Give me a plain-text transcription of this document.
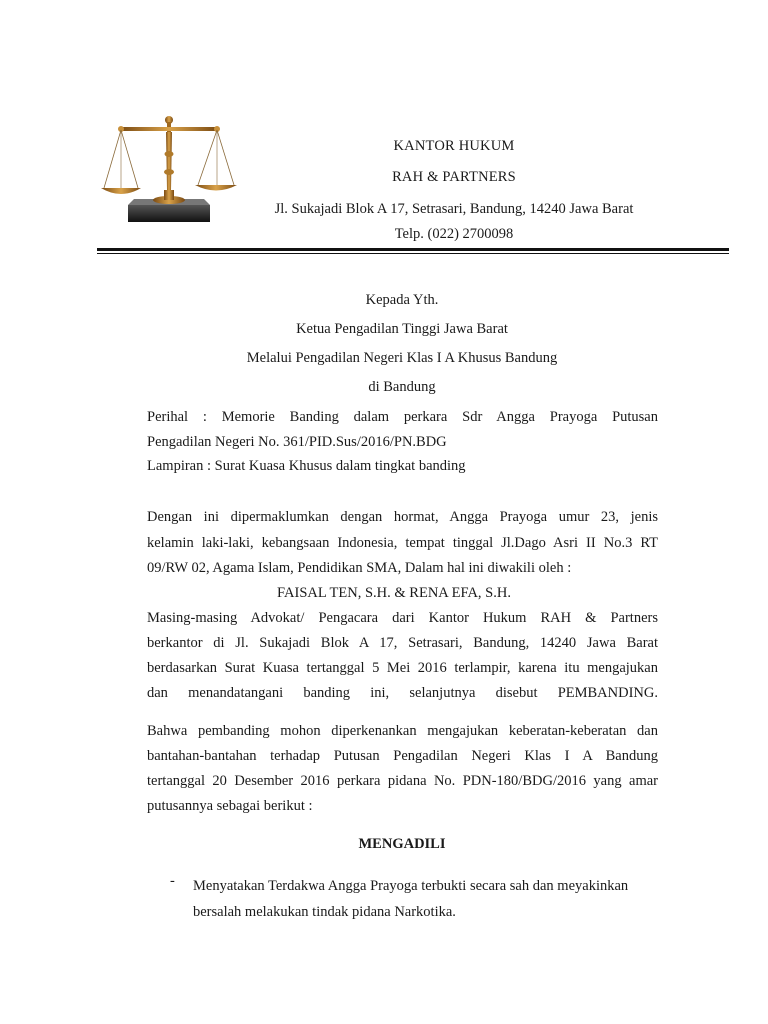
KANTOR HUKUM
RAH & PARTNERS
Jl. Sukajadi Blok A 17, Setrasari, Bandung, 14240 Jawa Barat
Telp. (022) 2700098
Kepada Yth.
Ketua Pengadilan Tinggi Jawa Barat
Melalui Pengadilan Negeri Klas I A Khusus Bandung
di Bandung
Perihal : Memorie Banding dalam perkara Sdr Angga Prayoga Putusan
Pengadilan Negeri No. 361/PID.Sus/2016/PN.BDG
Lampiran : Surat Kuasa Khusus dalam tingkat banding
Dengan ini dipermaklumkan dengan hormat, Angga Prayoga umur 23, jenis
kelamin laki-laki, kebangsaan Indonesia, tempat tinggal Jl.Dago Asri II No.3 RT
09/RW 02, Agama Islam, Pendidikan SMA, Dalam hal ini diwakili oleh :
FAISAL TEN, S.H. & RENA EFA, S.H.
Masing-masing Advokat/ Pengacara dari Kantor Hukum RAH & Partners
berkantor di Jl. Sukajadi Blok A 17, Setrasari, Bandung, 14240 Jawa Barat
berdasarkan Surat Kuasa tertanggal 5 Mei 2016 terlampir, karena itu mengajukan
dan menandatangani banding ini, selanjutnya disebut PEMBANDING.
Bahwa pembanding mohon diperkenankan mengajukan keberatan-keberatan dan
bantahan-bantahan terhadap Putusan Pengadilan Negeri Klas I A Bandung
tertanggal 20 Desember 2016 perkara pidana No. PDN-180/BDG/2016 yang amar
putusannya sebagai berikut :
MENGADILI
- Menyatakan Terdakwa Angga Prayoga terbukti secara sah dan meyakinkan
bersalah melakukan tindak pidana Narkotika.
